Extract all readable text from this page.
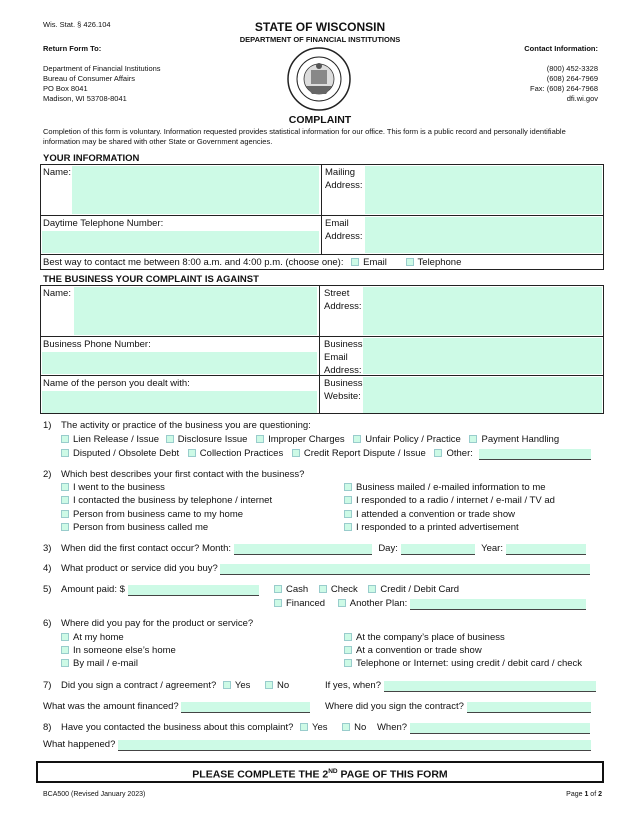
Wis. Stat. § 426.104	STATE OF WISCONSIN
DEPARTMENT OF FINANCIAL INSTITUTIONS
Return Form To:	Contact Information:
Department of Financial Institutions
Bureau of Consumer Affairs
PO Box 8041
Madison, WI 53708-8041
(800) 452-3328
(608) 264-7969
Fax: (608) 264-7968
dfi.wi.gov
COMPLAINT
Completion of this form is voluntary. Information requested provides statistical information for our office. This form is a public record and personally identifiable information may be shared with other State or Government agencies.
YOUR INFORMATION
Name:	Mailing
Address:
Daytime Telephone Number:	Email
Address:
Best way to contact me between 8:00 a.m. and 4:00 p.m. (choose one): Email	Telephone
THE BUSINESS YOUR COMPLAINT IS AGAINST
Name:	Street
Address:
Business Phone Number:	Business
Email
Address:
Name of the person you dealt with:	Business
Website:
1) The activity or practice of the business you are questioning:
Lien Release / Issue Disclosure Issue Improper Charges Unfair Policy / Practice Payment Handling
Disputed / Obsolete Debt Collection Practices Credit Report Dispute / Issue Other:
2) Which best describes your first contact with the business?
I went to the business
I contacted the business by telephone / internet
Person from business came to my home
Person from business called me
Business mailed / e-mailed information to me
I responded to a radio / internet / e-mail / TV ad
I attended a convention or trade show
I responded to a printed advertisement
3) When did the first contact occur? Month:	Day:	Year:
4) What product or service did you buy?
5) Amount paid: $	Cash Check Credit / Debit Card
Financed	Another Plan:
6) Where did you pay for the product or service?
At my home
In someone else’s home
By mail / e-mail
At the company’s place of business
At a convention or trade show
Telephone or Internet: using credit / debit card / check
7) Did you sign a contract / agreement? Yes	No	If yes, when?
What was the amount financed?	Where did you sign the contract?
8) Have you contacted the business about this complaint? Yes	No When?
What happened?
PLEASE COMPLETE THE 2ND PAGE OF THIS FORM
BCA500 (Revised January 2023)	Page 1 of 2
